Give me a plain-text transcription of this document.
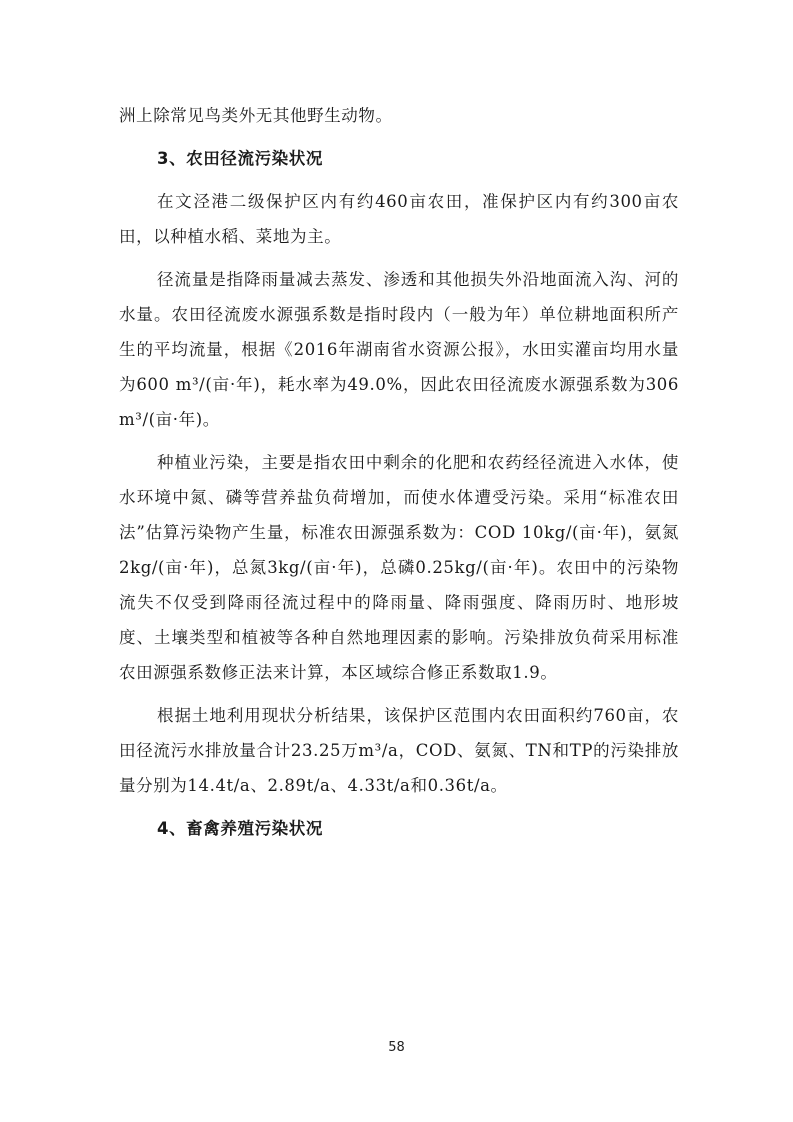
洲上除常见鸟类外无其他野生动物。

3、农田径流污染状况

在文泾港二级保护区内有约460亩农田，准保护区内有约300亩农田，以种植水稻、菜地为主。

径流量是指降雨量减去蒸发、渗透和其他损失外沿地面流入沟、河的水量。农田径流废水源强系数是指时段内（一般为年）单位耕地面积所产生的平均流量，根据《2016年湖南省水资源公报》，水田实灌亩均用水量为600 m³/(亩·年)，耗水率为49.0%，因此农田径流废水源强系数为306 m³/(亩·年)。

种植业污染，主要是指农田中剩余的化肥和农药经径流进入水体，使水环境中氮、磷等营养盐负荷增加，而使水体遭受污染。采用“标准农田法”估算污染物产生量，标准农田源强系数为：COD 10kg/(亩·年)，氨氮2kg/(亩·年)，总氮3kg/(亩·年)，总磷0.25kg/(亩·年)。农田中的污染物流失不仅受到降雨径流过程中的降雨量、降雨强度、降雨历时、地形坡度、土壤类型和植被等各种自然地理因素的影响。污染排放负荷采用标准农田源强系数修正法来计算，本区域综合修正系数取1.9。

根据土地利用现状分析结果，该保护区范围内农田面积约760亩，农田径流污水排放量合计23.25万m³/a，COD、氨氮、TN和TP的污染排放量分别为14.4t/a、2.89t/a、4.33t/a和0.36t/a。

4、畜禽养殖污染状况

58
